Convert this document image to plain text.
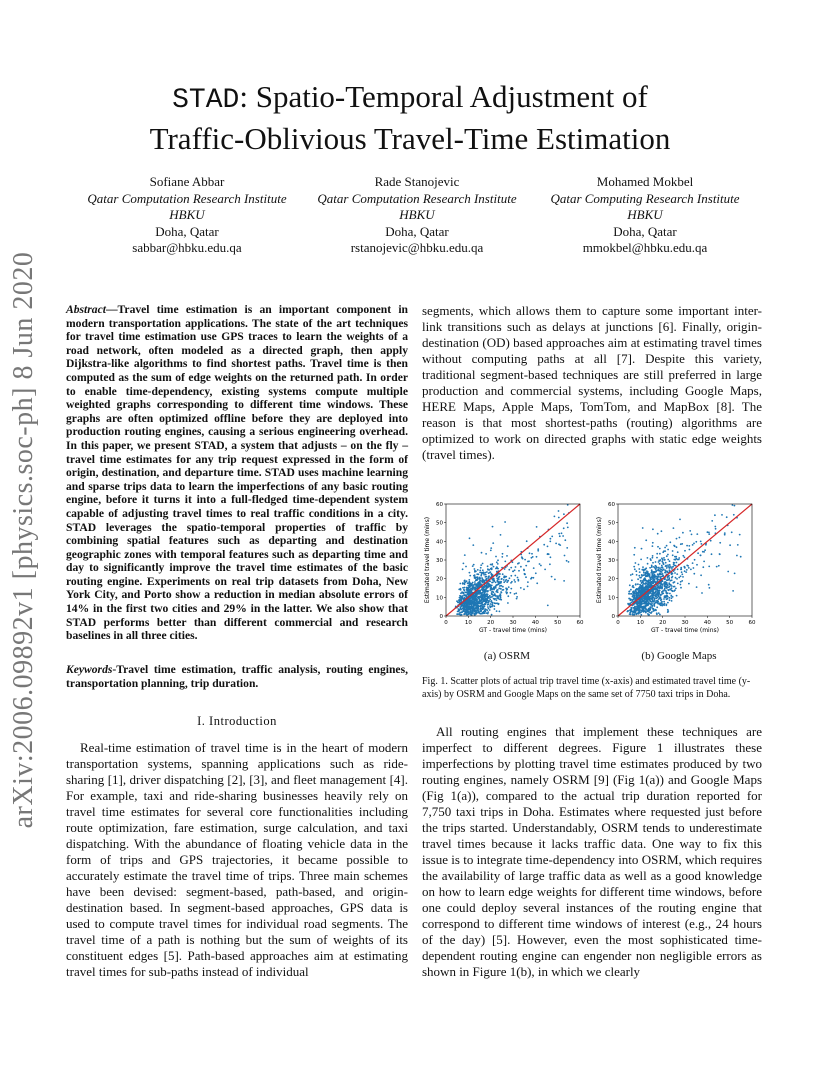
arXiv:2006.09892v1 [physics.soc-ph] 8 Jun 2020
STAD: Spatio-Temporal Adjustment of
Traffic-Oblivious Travel-Time Estimation
Sofiane Abbar
Qatar Computation Research Institute
HBKU
Doha, Qatar
sabbar@hbku.edu.qa
Rade Stanojevic
Qatar Computation Research Institute
HBKU
Doha, Qatar
rstanojevic@hbku.edu.qa
Mohamed Mokbel
Qatar Computing Research Institute
HBKU
Doha, Qatar
mmokbel@hbku.edu.qa
Abstract—Travel time estimation is an important component in modern transportation applications. The state of the art techniques for travel time estimation use GPS traces to learn the weights of a road network, often modeled as a directed graph, then apply Dijkstra-like algorithms to find shortest paths. Travel time is then computed as the sum of edge weights on the returned path. In order to enable time-dependency, existing systems compute multiple weighted graphs corresponding to different time windows. These graphs are often optimized offline before they are deployed into production routing engines, causing a serious engineering overhead. In this paper, we present STAD, a system that adjusts – on the fly – travel time estimates for any trip request expressed in the form of origin, destination, and departure time. STAD uses machine learning and sparse trips data to learn the imperfections of any basic routing engine, before it turns it into a full-fledged time-dependent system capable of adjusting travel times to real traffic conditions in a city. STAD leverages the spatio-temporal properties of traffic by combining spatial features such as departing and destination geographic zones with temporal features such as departing time and day to significantly improve the travel time estimates of the basic routing engine. Experiments on real trip datasets from Doha, New York City, and Porto show a reduction in median absolute errors of 14% in the first two cities and 29% in the latter. We also show that STAD performs better than different commercial and research baselines in all three cities.
Keywords-Travel time estimation, traffic analysis, routing engines, transportation planning, trip duration.
I. Introduction

Real-time estimation of travel time is in the heart of modern transportation systems, spanning applications such as ride-sharing [1], driver dispatching [2], [3], and fleet management [4]. For example, taxi and ride-sharing businesses heavily rely on travel time estimates for several core functionalities including route optimization, fare estimation, surge calculation, and taxi dispatching. With the abundance of floating vehicle data in the form of trips and GPS trajectories, it became possible to accurately estimate the travel time of trips. Three main schemes have been devised: segment-based, path-based, and origin-destination based. In segment-based approaches, GPS data is used to compute travel times for individual road segments. The travel time of a path is nothing but the sum of weights of its constituent edges [5]. Path-based approaches aim at estimating travel times for sub-paths instead of individual

segments, which allows them to capture some important inter-link transitions such as delays at junctions [6]. Finally, origin-destination (OD) based approaches aim at estimating travel times without computing paths at all [7]. Despite this variety, traditional segment-based techniques are still preferred in large production and commercial systems, including Google Maps, HERE Maps, Apple Maps, TomTom, and MapBox [8]. The reason is that most shortest-paths (routing) algorithms are optimized to work on directed graphs with static edge weights (travel times).
0	10	20	30	40	50	60
0
10
20
30
40
50
60
GT - travel time (mins)
Estimated travel time (mins)
0	10	20	30	40	50	60
0
10
20
30
40
50
60
GT - travel time (mins)
Estimated travel time (mins)
(a) OSRM	(b) Google Maps
Fig. 1. Scatter plots of actual trip travel time (x-axis) and estimated travel time (y-axis) by OSRM and Google Maps on the same set of 7750 taxi trips in Doha.

All routing engines that implement these techniques are imperfect to different degrees. Figure 1 illustrates these imperfections by plotting travel time estimates produced by two routing engines, namely OSRM [9] (Fig 1(a)) and Google Maps (Fig 1(a)), compared to the actual trip duration reported for 7,750 taxi trips in Doha. Estimates where requested just before the trips started. Understandably, OSRM tends to underestimate travel times because it lacks traffic data. One way to fix this issue is to integrate time-dependency into OSRM, which requires the availability of large traffic data as well as a good knowledge on how to learn edge weights for different time windows, before one could deploy several instances of the routing engine that correspond to different time windows of interest (e.g., 24 hours of the day) [5]. However, even the most sophisticated time-dependent routing engine can engender non negligible errors as shown in Figure 1(b), in which we clearly
